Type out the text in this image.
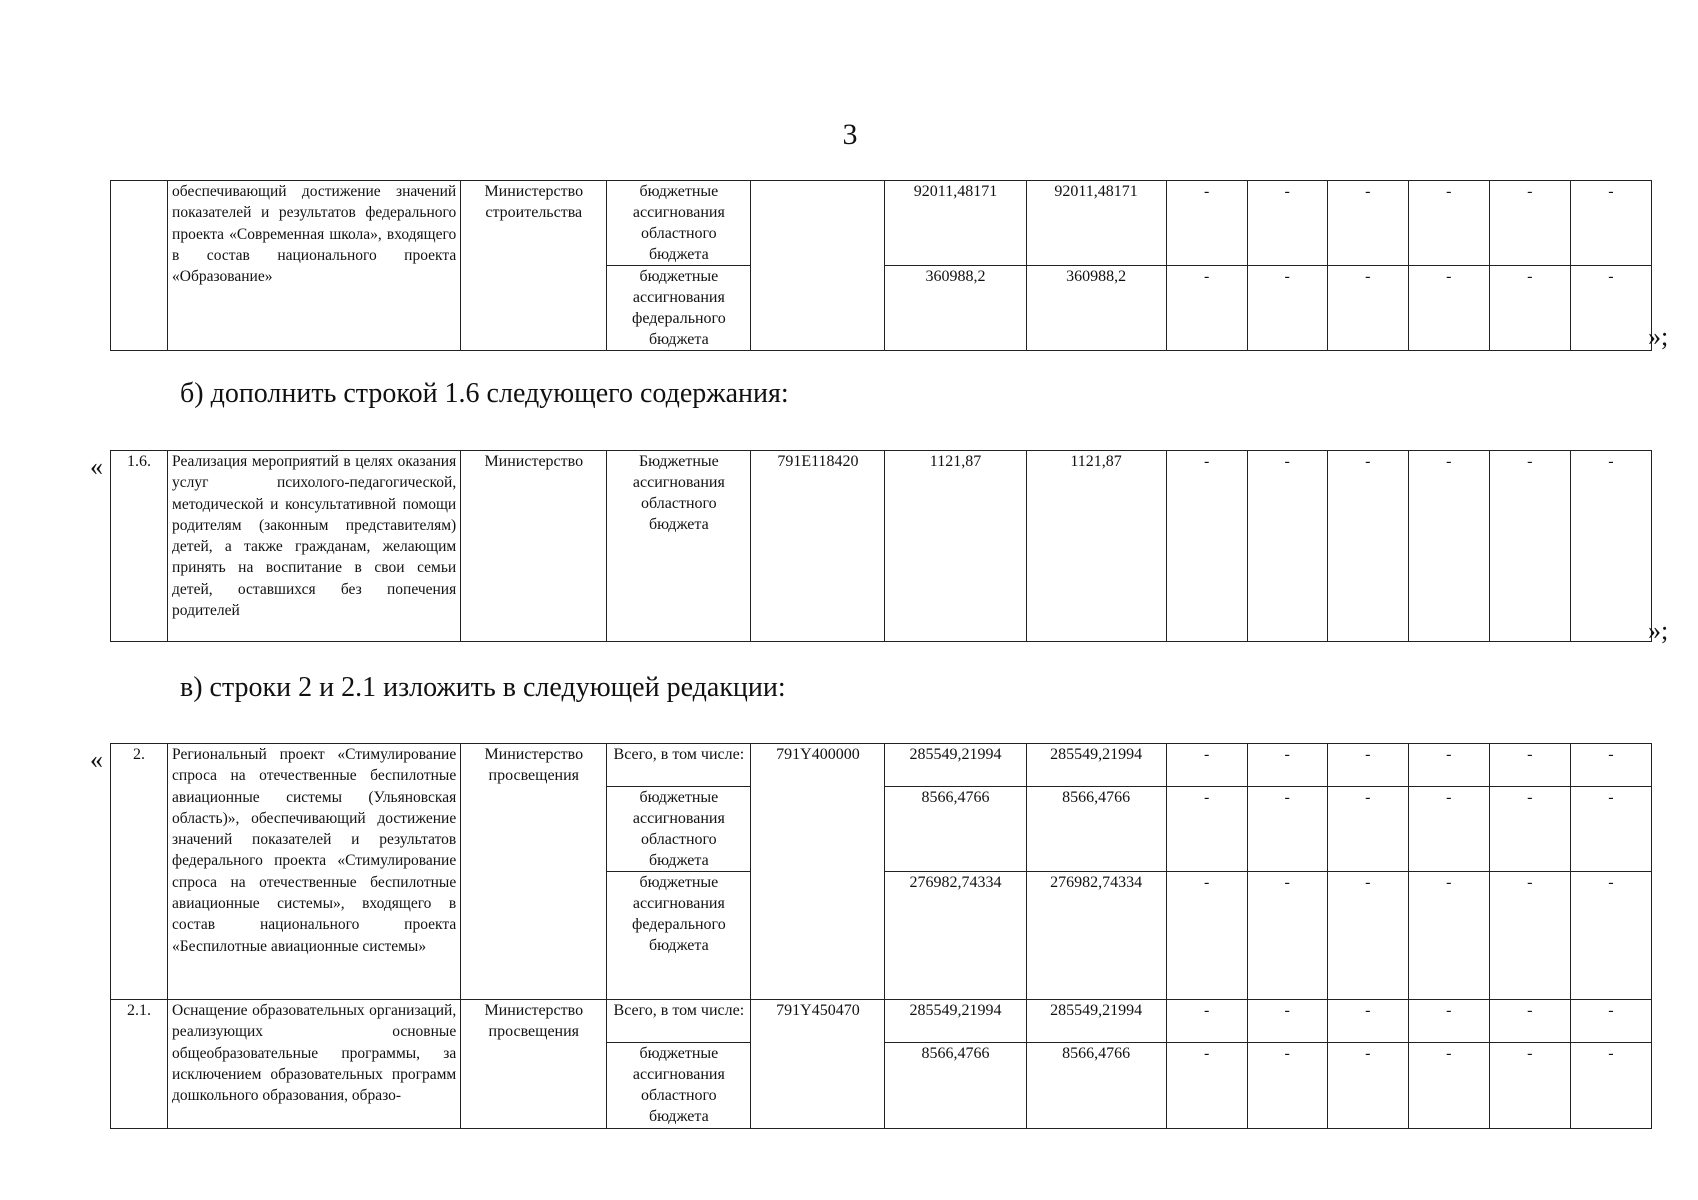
3
	обеспечивающий достижение значений показателей и результатов федерального проекта «Современная школа», входящего в состав национального проекта «Образование»	Министерство строительства	бюджетные ассигнования областного бюджета		92011,48171	92011,48171	-	-	-	-	-	-
			бюджетные ассигнования федерального бюджета		360988,2	360988,2	-	-	-	-	-	-
»;
б) дополнить строкой 1.6 следующего содержания:
« 1.6.	Реализация мероприятий в целях оказания услуг психолого-педагогической, методической и консультативной помощи родителям (законным представителям) детей, а также гражданам, желающим принять на воспитание в свои семьи детей, оставшихся без попечения родителей	Министерство	Бюджетные ассигнования областного бюджета	791E118420	1121,87	1121,87	-	-	-	-	-	-
»;
в) строки 2 и 2.1 изложить в следующей редакции:
« 2.	Региональный проект «Стимулирование спроса на отечественные беспилотные авиационные системы (Ульяновская область)», обеспечивающий достижение значений показателей и результатов федерального проекта «Стимулирование спроса на отечественные беспилотные авиационные системы», входящего в состав национального проекта «Беспилотные авиационные системы»	Министерство просвещения	Всего, в том числе:	791Y400000	285549,21994	285549,21994	-	-	-	-	-	-
			бюджетные ассигнования областного бюджета		8566,4766	8566,4766	-	-	-	-	-	-
			бюджетные ассигнования федерального бюджета		276982,74334	276982,74334	-	-	-	-	-	-
2.1.	Оснащение образовательных организаций, реализующих основные общеобразовательные программы, за исключением образовательных программ дошкольного образования, образо-	Министерство просвещения	Всего, в том числе:	791Y450470	285549,21994	285549,21994	-	-	-	-	-	-
			бюджетные ассигнования областного бюджета		8566,4766	8566,4766	-	-	-	-	-	-
